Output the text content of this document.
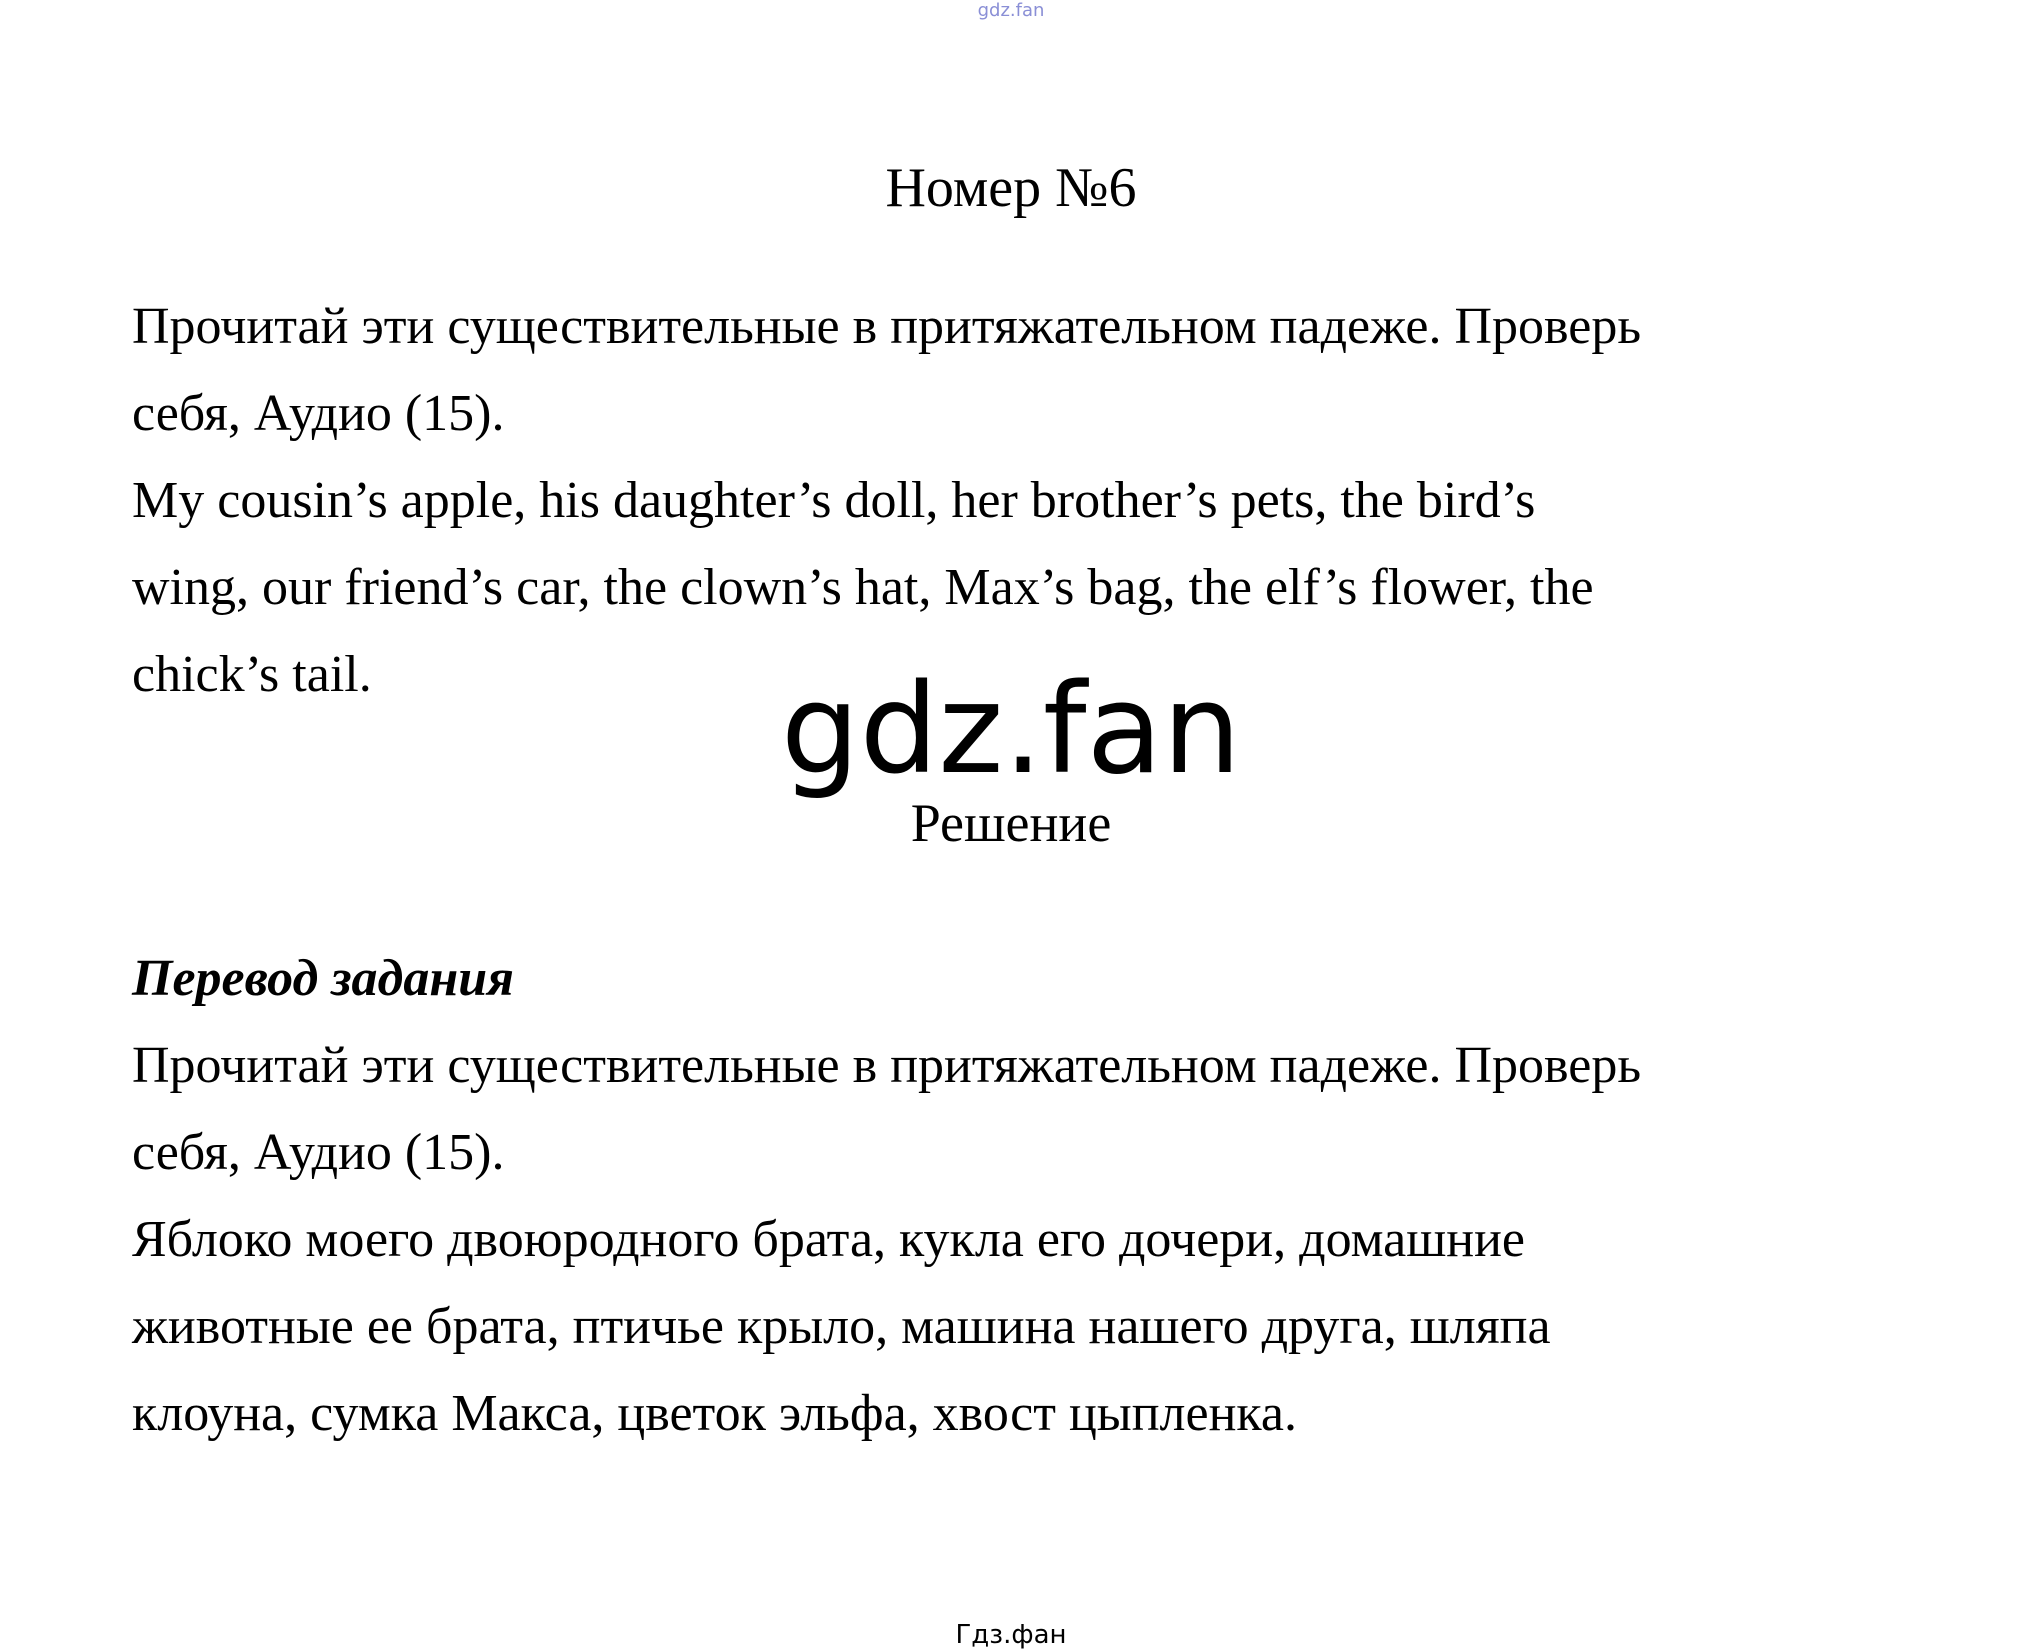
gdz.fan
Номер №6

Прочитай эти существительные в притяжательном падеже. Проверь

себя, Аудио (15).

My cousin’s apple, his daughter’s doll, her brother’s pets, the bird’s

wing, our friend’s car, the clown’s hat, Max’s bag, the elf’s flower, the

chick’s tail.	gdz.fan
Решение

Перевод задания

Прочитай эти существительные в притяжательном падеже. Проверь

себя, Аудио (15).

Яблоко моего двоюродного брата, кукла его дочери, домашние

животные ее брата, птичье крыло, машина нашего друга, шляпа

клоуна, сумка Макса, цветок эльфа, хвост цыпленка.

Гдз.фан
